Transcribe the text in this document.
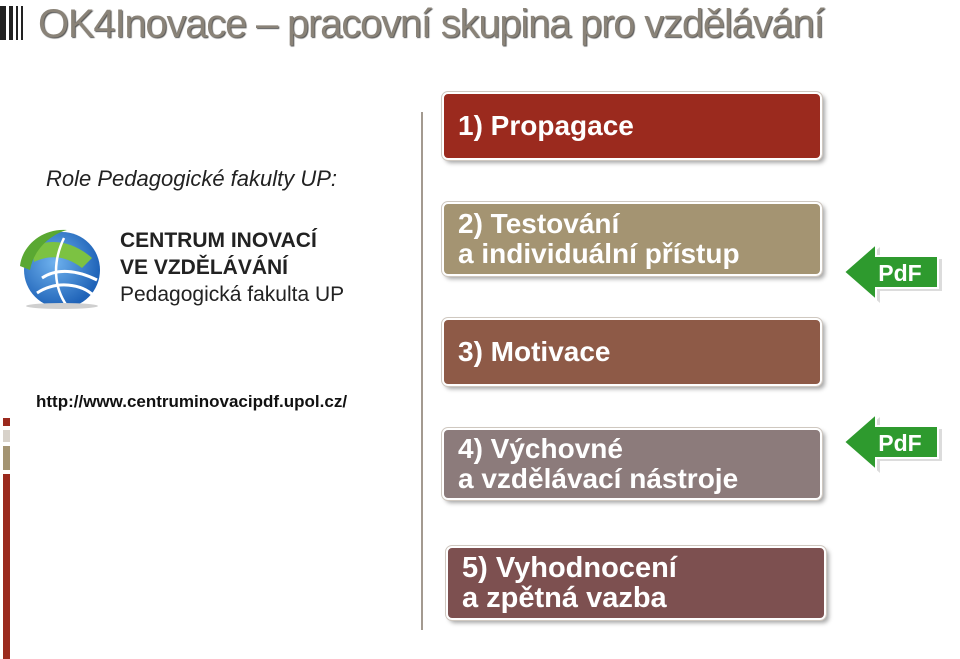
OK4Inovace – pracovní skupina pro vzdělávání
Role Pedagogické fakulty UP:
CENTRUM INOVACÍ
VE VZDĚLÁVÁNÍ
Pedagogická fakulta UP
http://www.centruminovacipdf.upol.cz/
1) Propagace
2) Testování
a individuální přístup
3) Motivace
4) Výchovné
a vzdělávací nástroje
5) Vyhodnocení
a zpětná vazba
PdF
PdF
